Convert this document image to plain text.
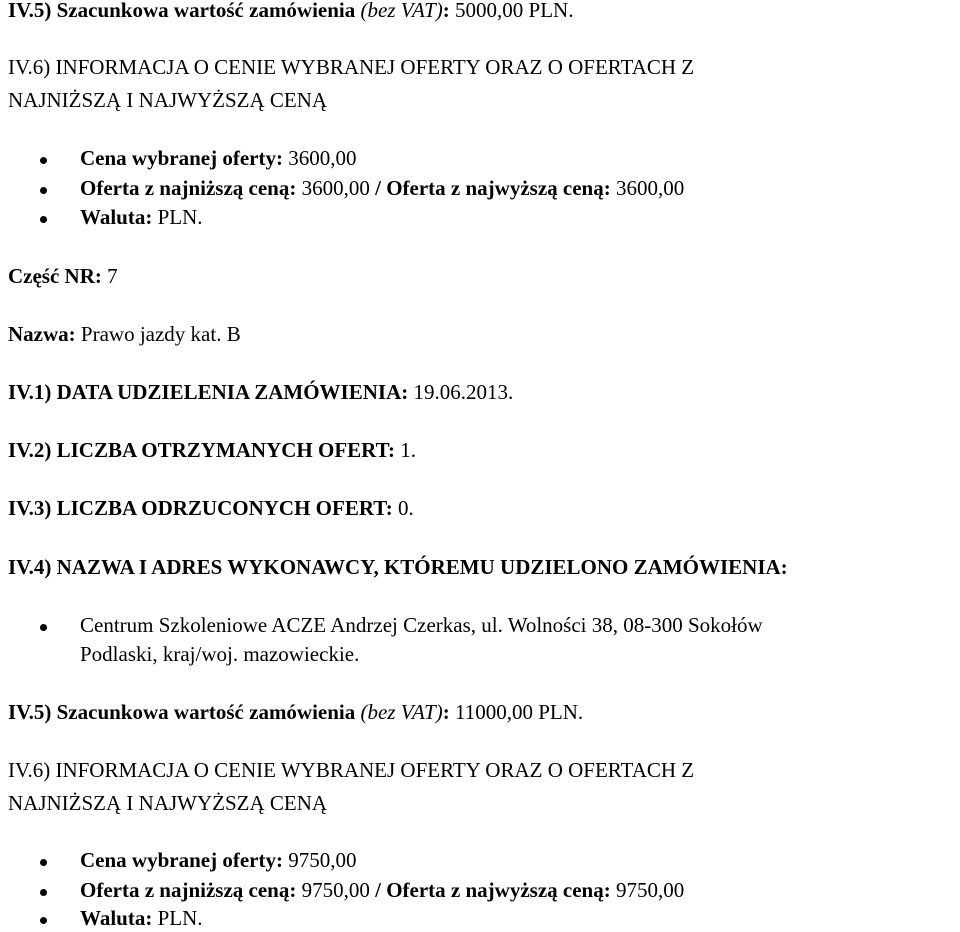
IV.5) Szacunkowa wartość zamówienia (bez VAT): 5000,00 PLN.
IV.6) INFORMACJA O CENIE WYBRANEJ OFERTY ORAZ O OFERTACH Z
NAJNIŻSZĄ I NAJWYŻSZĄ CENĄ
Cena wybranej oferty: 3600,00
Oferta z najniższą ceną: 3600,00 / Oferta z najwyższą ceną: 3600,00
Waluta: PLN.
Część NR: 7
Nazwa: Prawo jazdy kat. B
IV.1) DATA UDZIELENIA ZAMÓWIENIA: 19.06.2013.
IV.2) LICZBA OTRZYMANYCH OFERT: 1.
IV.3) LICZBA ODRZUCONYCH OFERT: 0.
IV.4) NAZWA I ADRES WYKONAWCY, KTÓREMU UDZIELONO ZAMÓWIENIA:
Centrum Szkoleniowe ACZE Andrzej Czerkas, ul. Wolności 38, 08-300 Sokołów
Podlaski, kraj/woj. mazowieckie.
IV.5) Szacunkowa wartość zamówienia (bez VAT): 11000,00 PLN.
IV.6) INFORMACJA O CENIE WYBRANEJ OFERTY ORAZ O OFERTACH Z
NAJNIŻSZĄ I NAJWYŻSZĄ CENĄ
Cena wybranej oferty: 9750,00
Oferta z najniższą ceną: 9750,00 / Oferta z najwyższą ceną: 9750,00
Waluta: PLN.
